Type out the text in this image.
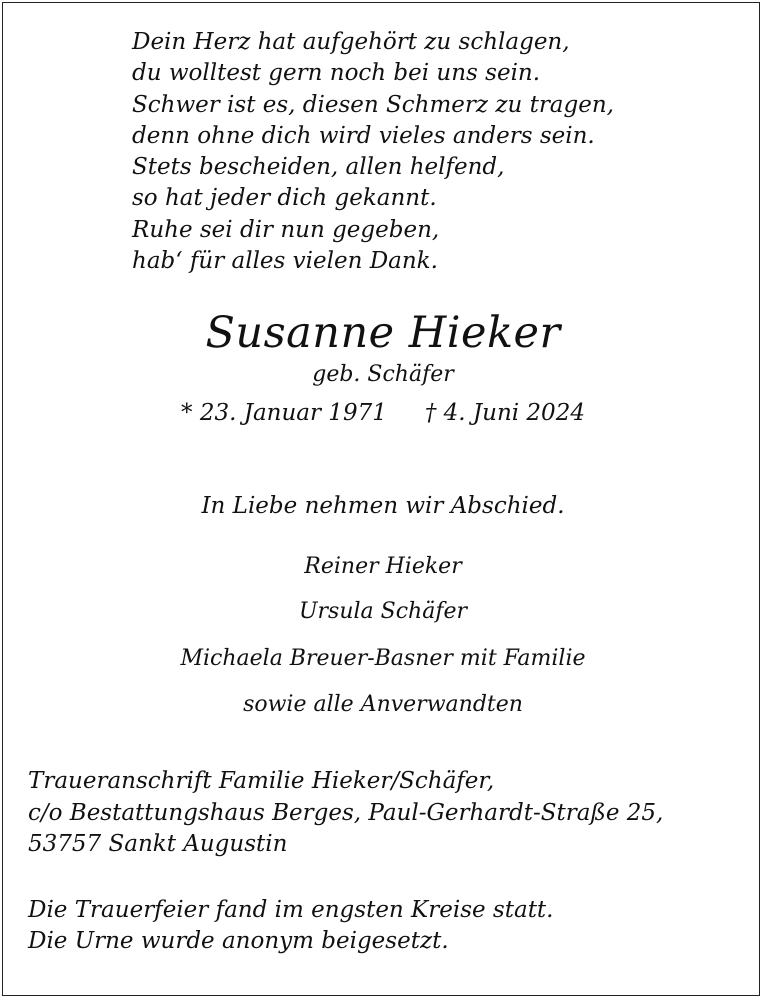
Dein Herz hat aufgehört zu schlagen,
du wolltest gern noch bei uns sein.
Schwer ist es, diesen Schmerz zu tragen,
denn ohne dich wird vieles anders sein.
Stets bescheiden, allen helfend,
so hat jeder dich gekannt.
Ruhe sei dir nun gegeben,
hab‘ für alles vielen Dank.
Susanne Hieker
geb. Schäfer
* 23. Januar 1971 † 4. Juni 2024
In Liebe nehmen wir Abschied.
Reiner Hieker
Ursula Schäfer
Michaela Breuer-Basner mit Familie
sowie alle Anverwandten
Traueranschrift Familie Hieker/Schäfer,
c/o Bestattungshaus Berges, Paul-Gerhardt-Straße 25,
53757 Sankt Augustin
Die Trauerfeier fand im engsten Kreise statt.
Die Urne wurde anonym beigesetzt.
